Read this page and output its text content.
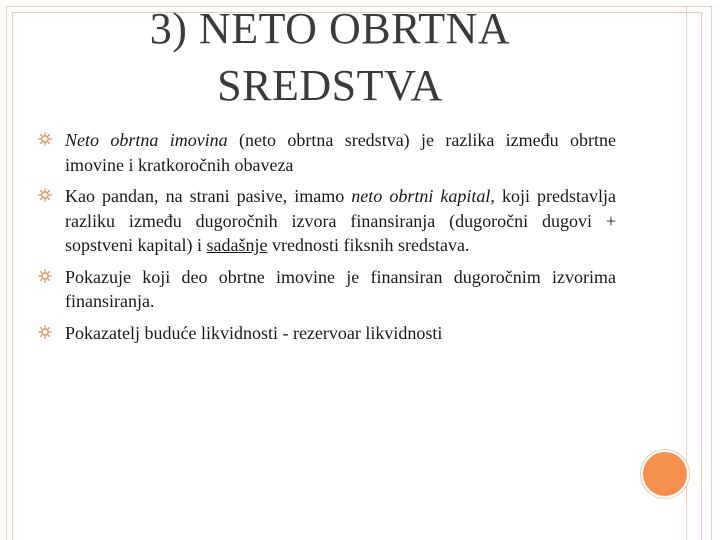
3) NETO OBRTNA
SREDSTVA
Neto obrtna imovina (neto obrtna sredstva) je razlika između obrtne imovine i kratkoročnih obaveza
Kao pandan, na strani pasive, imamo neto obrtni kapital, koji predstavlja razliku između dugoročnih izvora finansiranja (dugoročni dugovi + sopstveni kapital) i sadašnje vrednosti fiksnih sredstava.
Pokazuje koji deo obrtne imovine je finansiran dugoročnim izvorima finansiranja.
Pokazatelj buduće likvidnosti - rezervoar likvidnosti
